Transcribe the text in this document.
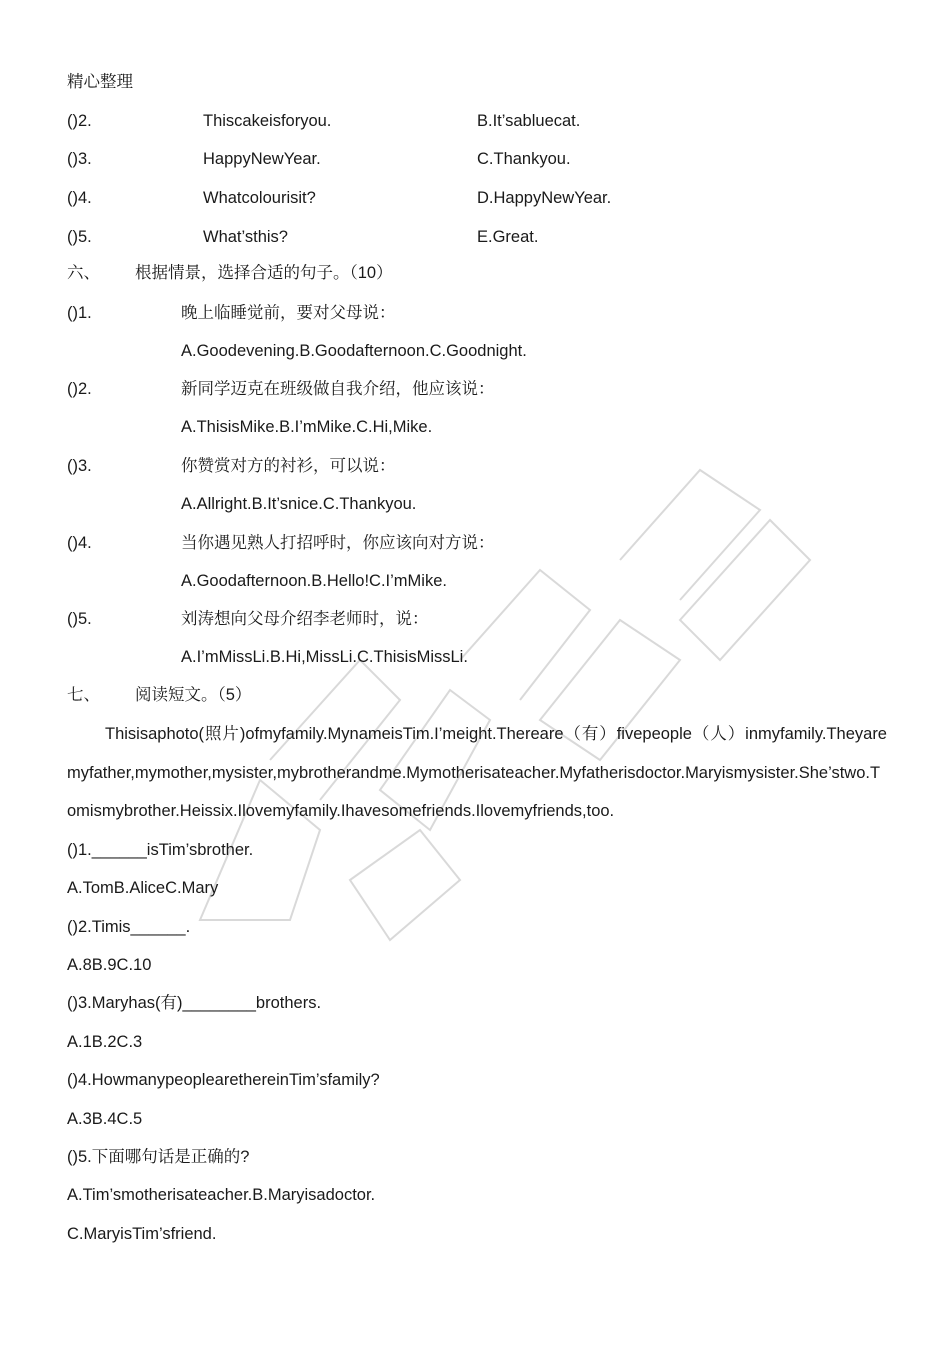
精心整理
()2.	Thiscakeisforyou.	B.It’sabluecat.
()3.	HappyNewYear.	C.Thankyou.
()4.	Whatcolourisit?	D.HappyNewYear.
()5.	What’sthis?	E.Great.
六、 根据情景，选择合适的句子。（10）
()1.	晚上临睡觉前，要对父母说：
A.Goodevening.B.Goodafternoon.C.Goodnight.
()2.	新同学迈克在班级做自我介绍，他应该说：
A.ThisisMike.B.I’mMike.C.Hi,Mike.
()3.	你赞赏对方的衬衫，可以说：
A.Allright.B.It’snice.C.Thankyou.
()4.	当你遇见熟人打招呼时，你应该向对方说：
A.Goodafternoon.B.Hello!C.I’mMike.
()5.	刘涛想向父母介绍李老师时，说：
A.I’mMissLi.B.Hi,MissLi.C.ThisisMissLi.
七、 阅读短文。（5）
Thisisaphoto(照片)ofmyfamily.MynameisTim.I’meight.Thereare（有）fivepeople（人）inmyfamily.Theyaremyfather,mymother,mysister,mybrotherandme.Mymotherisateacher.Myfatherisdoctor.Maryismysister.She’stwo.Tomismybrother.Heissix.Ilovemyfamily.Ihavesomefriends.Ilovemyfriends,too.
()1.______isTim’sbrother.
A.TomB.AliceC.Mary
()2.Timis______.
A.8B.9C.10
()3.Maryhas(有)________brothers.
A.1B.2C.3
()4.HowmanypeoplearethereinTim’sfamily?
A.3B.4C.5
()5.下面哪句话是正确的?
A.Tim’smotherisateacher.B.Maryisadoctor.
C.MaryisTim’sfriend.
